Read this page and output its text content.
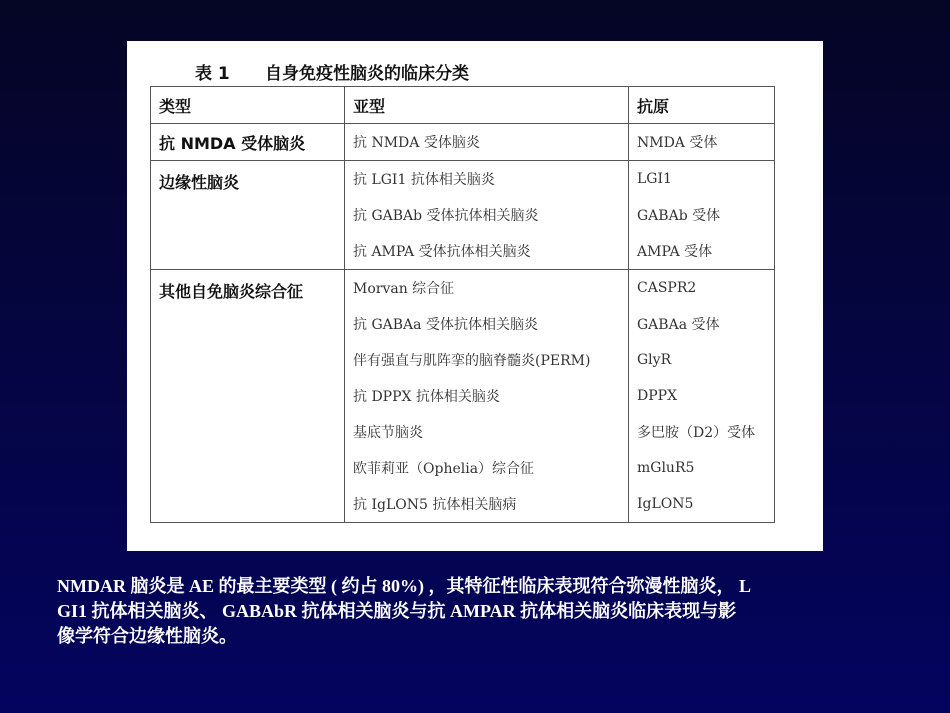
表 1 自身免疫性脑炎的临床分类
类型	亚型	抗原
抗 NMDA 受体脑炎	抗 NMDA 受体脑炎	NMDA 受体
边缘性脑炎	抗 LGI1 抗体相关脑炎	LGI1
	抗 GABAb 受体抗体相关脑炎	GABAb 受体
	抗 AMPA 受体抗体相关脑炎	AMPA 受体
其他自免脑炎综合征	Morvan 综合征	CASPR2
	抗 GABAa 受体抗体相关脑炎	GABAa 受体
	伴有强直与肌阵挛的脑脊髓炎(PERM)	GlyR
	抗 DPPX 抗体相关脑炎	DPPX
	基底节脑炎	多巴胺（D2）受体
	欧菲莉亚（Ophelia）综合征	mGluR5
	抗 IgLON5 抗体相关脑病	IgLON5
NMDAR 脑炎是 AE 的最主要类型 ( 约占 80%) ，其特征性临床表现符合弥漫性脑炎， L
GI1 抗体相关脑炎、 GABAbR 抗体相关脑炎与抗 AMPAR 抗体相关脑炎临床表现与影
像学符合边缘性脑炎。
